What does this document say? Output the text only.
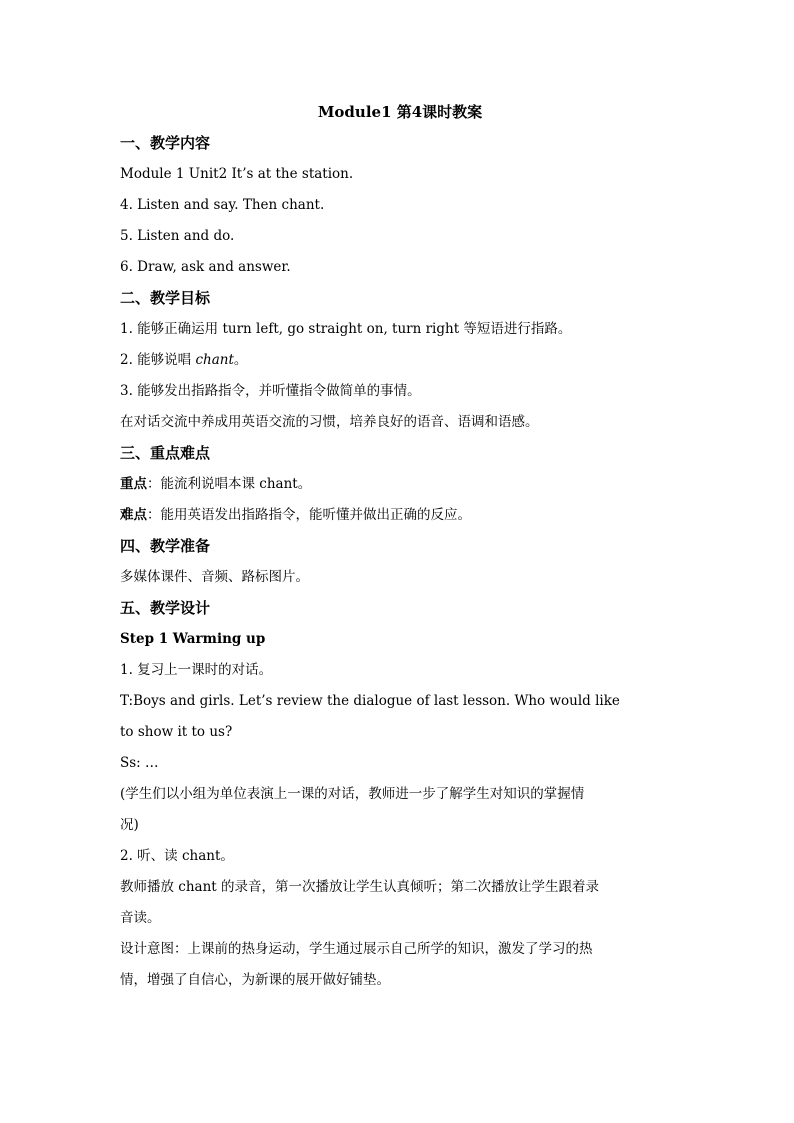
Module1 第4课时教案
一、教学内容
Module 1 Unit2 It’s at the station.
4. Listen and say. Then chant.
5. Listen and do.
6. Draw, ask and answer.
二、教学目标
1. 能够正确运用 turn left, go straight on, turn right 等短语进行指路。
2. 能够说唱 chant。
3. 能够发出指路指令，并听懂指令做简单的事情。
在对话交流中养成用英语交流的习惯，培养良好的语音、语调和语感。
三、重点难点
重点：能流利说唱本课 chant。
难点：能用英语发出指路指令，能听懂并做出正确的反应。
四、教学准备
多媒体课件、音频、路标图片。
五、教学设计
Step 1 Warming up
1. 复习上一课时的对话。
T:Boys and girls. Let’s review the dialogue of last lesson. Who would like
to show it to us?
Ss: …
(学生们以小组为单位表演上一课的对话，教师进一步了解学生对知识的掌握情
况)
2. 听、读 chant。
教师播放 chant 的录音，第一次播放让学生认真倾听；第二次播放让学生跟着录
音读。
设计意图：上课前的热身运动，学生通过展示自己所学的知识，激发了学习的热
情，增强了自信心，为新课的展开做好铺垫。
